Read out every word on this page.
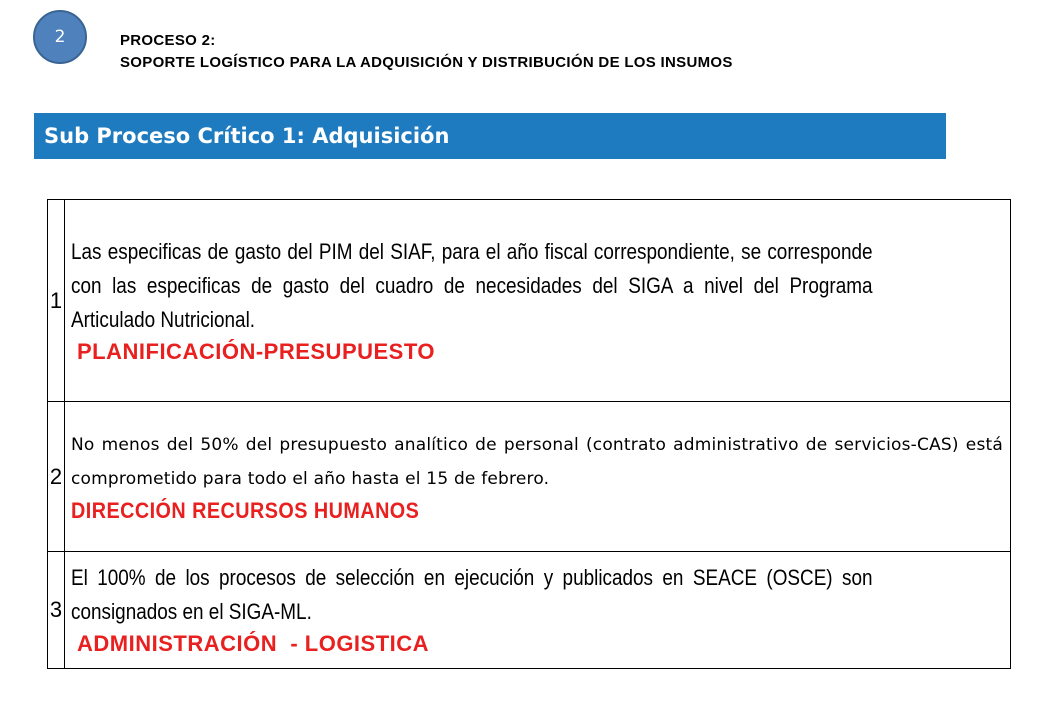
2	PROCESO 2:
SOPORTE LOGÍSTICO PARA LA ADQUISICIÓN Y DISTRIBUCIÓN DE LOS INSUMOS
Sub Proceso Crítico 1: Adquisición
1	Las especificas de gasto del PIM del SIAF, para el año fiscal correspondiente, se corresponde con las especificas de gasto del cuadro de necesidades del SIGA a nivel del Programa Articulado Nutricional.
PLANIFICACIÓN-PRESUPUESTO

2	No menos del 50% del presupuesto analítico de personal (contrato administrativo de servicios-CAS) está comprometido para todo el año hasta el 15 de febrero.
DIRECCIÓN RECURSOS HUMANOS

3	El 100% de los procesos de selección en ejecución y publicados en SEACE (OSCE) son consignados en el SIGA-ML.
ADMINISTRACIÓN  - LOGISTICA
